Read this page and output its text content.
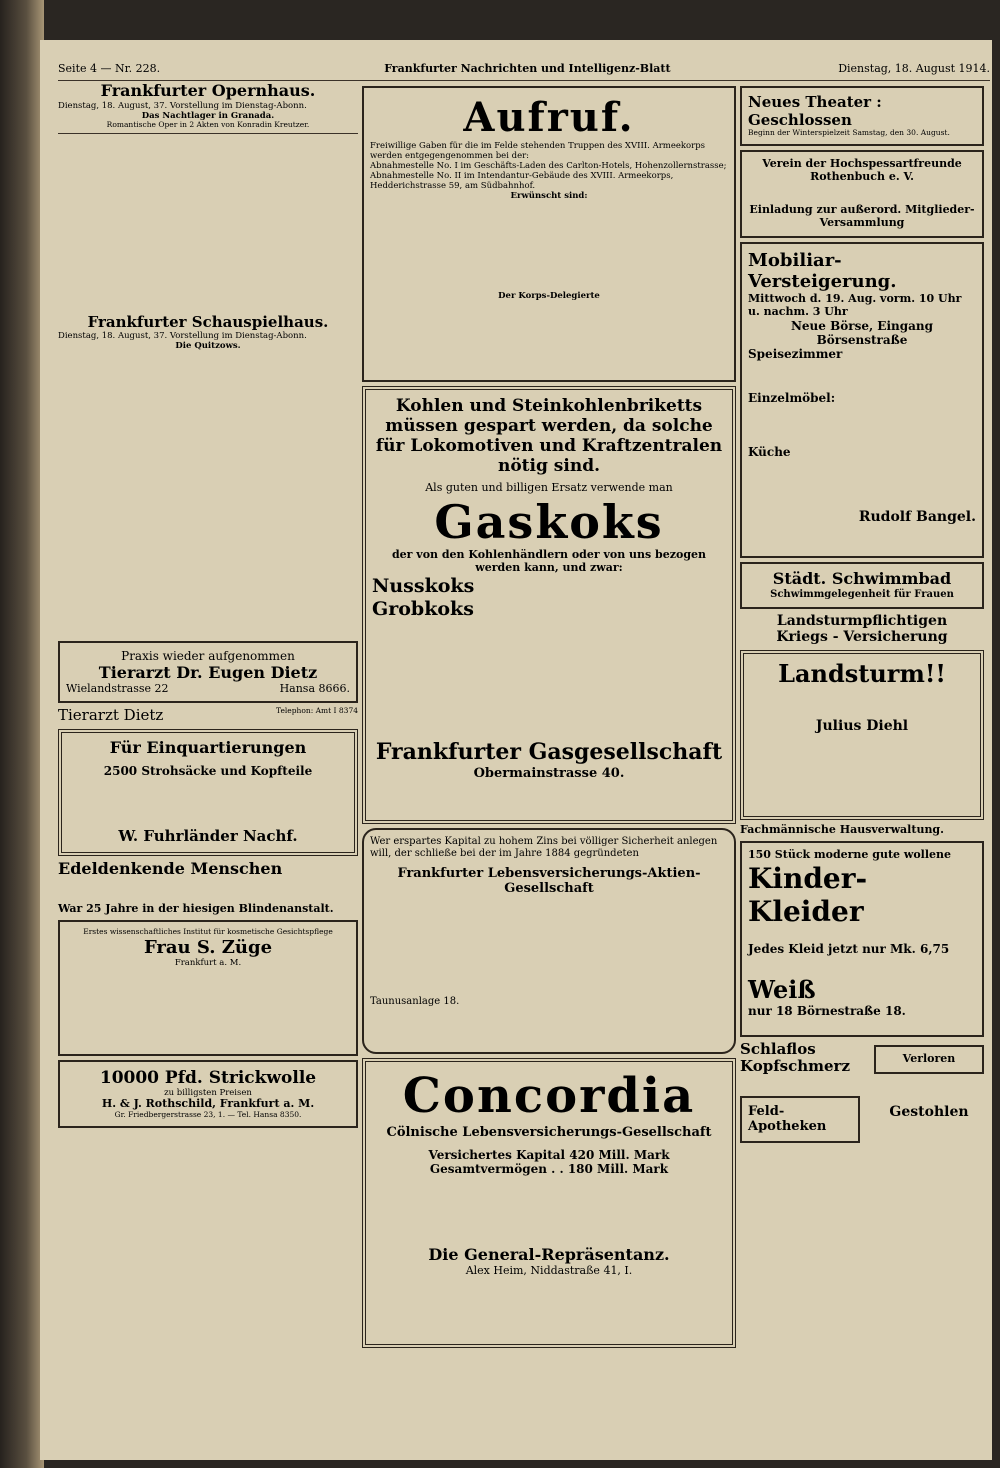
Seite 4 — Nr. 228.	Frankfurter Nachrichten und Intelligenz-Blatt	Dienstag, 18. August 1914.
Frankfurter Opernhaus.
Dienstag, 18. August, 37. Vorstellung im Dienstag-Abonn.
Das Nachtlager in Granada.
Romantische Oper in 2 Akten von Konradin Kreutzer.
Frankfurter Schauspielhaus.
Dienstag, 18. August, 37. Vorstellung im Dienstag-Abonn.
Die Quitzows.
Praxis wieder aufgenommen
Tierarzt Dr. Eugen Dietz
Wielandstrasse 22	Hansa 8666.
Tierarzt Dietz	Telephon: Amt I 8374
Für Einquartierungen
2500 Strohsäcke und Kopfteile
W. Fuhrländer Nachf.
Edeldenkende Menschen
War 25 Jahre in der hiesigen Blindenanstalt.
Erstes wissenschaftliches Institut für kosmetische Gesichtspflege
Frau S. Züge
Frankfurt a. M.
10000 Pfd. Strickwolle
zu billigsten Preisen
H. & J. Rothschild, Frankfurt a. M.
Gr. Friedbergerstrasse 23, 1. — Tel. Hansa 8350.
Aufruf.
Freiwillige Gaben für die im Felde stehenden Truppen des XVIII. Armeekorps werden entgegengenommen bei der:
Abnahmestelle No. I im Geschäfts-Laden des Carlton-Hotels, Hohenzollernstrasse;
Abnahmestelle No. II im Intendantur-Gebäude des XVIII. Armeekorps, Hedderichstrasse 59, am Südbahnhof.
Erwünscht sind:
Der Korps-Delegierte
Kohlen und Steinkohlenbriketts müssen gespart werden, da solche für Lokomotiven und Kraftzentralen nötig sind.
Als guten und billigen Ersatz verwende man
Gaskoks
der von den Kohlenhändlern oder von uns bezogen werden kann, und zwar:
Nusskoks
Grobkoks
Frankfurter Gasgesellschaft
Obermainstrasse 40.
Wer erspartes Kapital zu hohem Zins bei völliger Sicherheit anlegen will, der schließe bei der im Jahre 1884 gegründeten
Frankfurter Lebensversicherungs-Aktien-Gesellschaft
Taunusanlage 18.
Concordia
Cölnische Lebensversicherungs-Gesellschaft
Versichertes Kapital 420 Mill. Mark
Gesamtvermögen . . 180 Mill. Mark
Die General-Repräsentanz.
Alex Heim, Niddastraße 41, I.
Neues Theater : Geschlossen
Beginn der Winterspielzeit Samstag, den 30. August.
Verein der Hochspessartfreunde Rothenbuch e. V.
Einladung zur außerord. Mitglieder-Versammlung
Mobiliar-Versteigerung.
Mittwoch d. 19. Aug. vorm. 10 Uhr u. nachm. 3 Uhr
Neue Börse, Eingang Börsenstraße
Speisezimmer
Einzelmöbel:
Küche
Rudolf Bangel.
Städt. Schwimmbad
Schwimmgelegenheit für Frauen
Landsturmpflichtigen
Kriegs - Versicherung
Landsturm!!
Julius Diehl
Fachmännische Hausverwaltung.
150 Stück moderne gute wollene
Kinder-Kleider
Jedes Kleid jetzt nur Mk. 6,75
Weiß
nur 18 Börnestraße 18.
Schlaflos
Kopfschmerz
Feld-Apotheken
Verloren
Gestohlen
